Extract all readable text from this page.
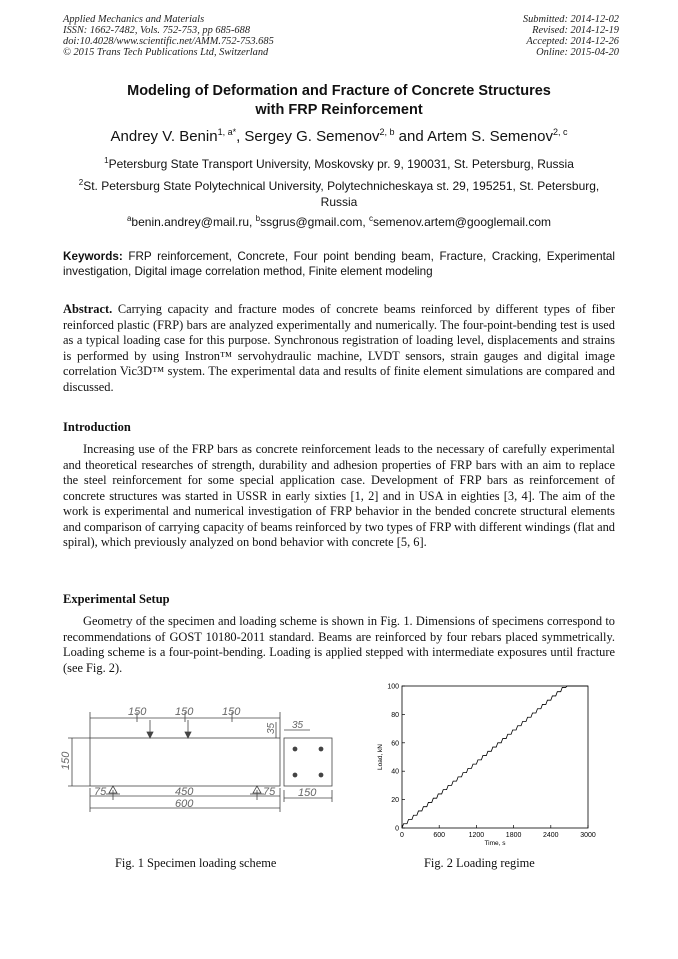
Applied Mechanics and Materials
ISSN: 1662-7482, Vols. 752-753, pp 685-688
doi:10.4028/www.scientific.net/AMM.752-753.685
© 2015 Trans Tech Publications Ltd, Switzerland
Submitted: 2014-12-02
Revised: 2014-12-19
Accepted: 2014-12-26
Online: 2015-04-20
Modeling of Deformation and Fracture of Concrete Structures
with FRP Reinforcement
Andrey V. Benin$^{1, a*}$, Sergey G. Semenov$^{2, b}$ and Artem S. Semenov$^{2, c}$
$^1$Petersburg State Transport University, Moskovsky pr. 9, 190031, St. Petersburg, Russia
$^2$St. Petersburg State Polytechnical University, Polytechnicheskaya st. 29, 195251, St. Petersburg, Russia
$^a$benin.andrey@mail.ru, $^b$ssgrus@gmail.com, $^c$semenov.artem@googlemail.com
Keywords: FRP reinforcement, Concrete, Four point bending beam, Fracture, Cracking, Experimental investigation, Digital image correlation method, Finite element modeling
Abstract. Carrying capacity and fracture modes of concrete beams reinforced by different types of fiber reinforced plastic (FRP) bars are analyzed experimentally and numerically. The four-point-bending test is used as a typical loading case for this purpose. Synchronous registration of loading level, displacements and strains is performed by using Instron™ servohydraulic machine, LVDT sensors, strain gauges and digital image correlation Vic3D™ system. The experimental data and results of finite element simulations are compared and discussed.
Introduction
Increasing use of the FRP bars as concrete reinforcement leads to the necessary of carefully experimental and theoretical researches of strength, durability and adhesion properties of FRP bars with an aim to replace the steel reinforcement for some special application case. Development of FRP bars as reinforcement of concrete structures was started in USSR in early sixties [1, 2] and in USA in eighties [3, 4]. The aim of the work is experimental and numerical investigation of FRP behavior in the bended concrete structural elements and comparison of carrying capacity of beams reinforced by two types of FRP with different windings (flat and spiral), which previously analyzed on bond behavior with concrete [5, 6].
Experimental Setup
Geometry of the specimen and loading scheme is shown in Fig. 1. Dimensions of specimens correspond to recommendations of GOST 10180-2011 standard. Beams are reinforced by four rebars placed symmetrically. Loading scheme is a four-point-bending. Loading is applied stepped with intermediate exposures until fracture (see Fig. 2).
150	150	150
150
75	450	75
600
35 35
150
0	600	1200	1800	2400	3000
0
20
40
60
80
100
Time, s
Load, kN
Fig. 1 Specimen loading scheme	Fig. 2 Loading regime
